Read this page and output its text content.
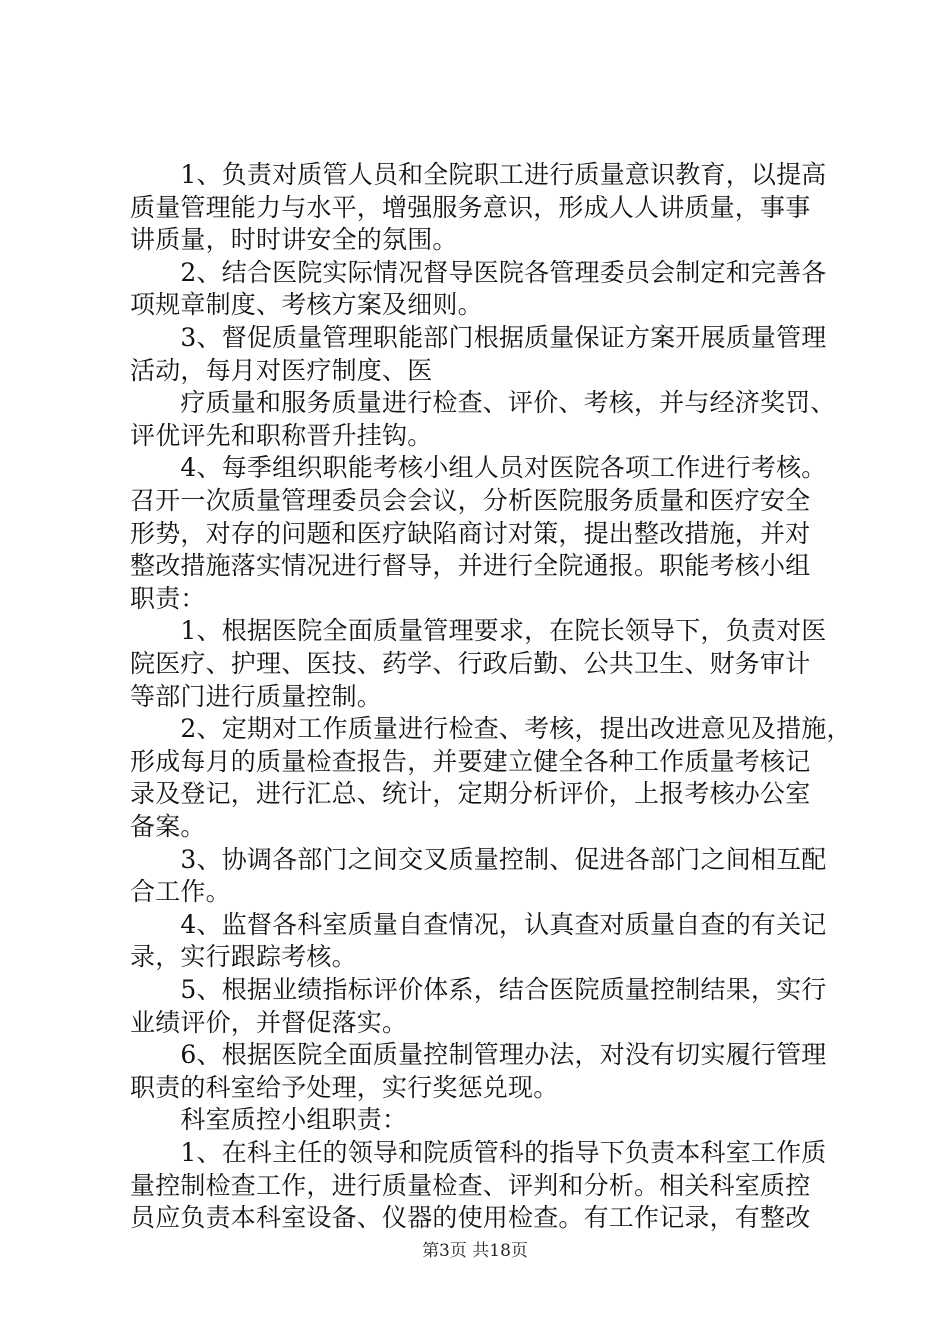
　　1、负责对质管人员和全院职工进行质量意识教育，以提高
质量管理能力与水平，增强服务意识，形成人人讲质量，事事
讲质量，时时讲安全的氛围。
　　2、结合医院实际情况督导医院各管理委员会制定和完善各
项规章制度、考核方案及细则。
　　3、督促质量管理职能部门根据质量保证方案开展质量管理
活动，每月对医疗制度、医
　　疗质量和服务质量进行检查、评价、考核，并与经济奖罚、
评优评先和职称晋升挂钩。
　　4、每季组织职能考核小组人员对医院各项工作进行考核。
召开一次质量管理委员会会议，分析医院服务质量和医疗安全
形势，对存的问题和医疗缺陷商讨对策，提出整改措施，并对
整改措施落实情况进行督导，并进行全院通报。职能考核小组
职责：
　　1、根据医院全面质量管理要求，在院长领导下，负责对医
院医疗、护理、医技、药学、行政后勤、公共卫生、财务审计
等部门进行质量控制。
　　2、定期对工作质量进行检查、考核，提出改进意见及措施，
形成每月的质量检查报告，并要建立健全各种工作质量考核记
录及登记，进行汇总、统计，定期分析评价，上报考核办公室
备案。
　　3、协调各部门之间交叉质量控制、促进各部门之间相互配
合工作。
　　4、监督各科室质量自查情况，认真查对质量自查的有关记
录，实行跟踪考核。
　　5、根据业绩指标评价体系，结合医院质量控制结果，实行
业绩评价，并督促落实。
　　6、根据医院全面质量控制管理办法，对没有切实履行管理
职责的科室给予处理，实行奖惩兑现。
　　科室质控小组职责：
　　1、在科主任的领导和院质管科的指导下负责本科室工作质
量控制检查工作，进行质量检查、评判和分析。相关科室质控
员应负责本科室设备、仪器的使用检查。有工作记录，有整改
第3页 共18页
